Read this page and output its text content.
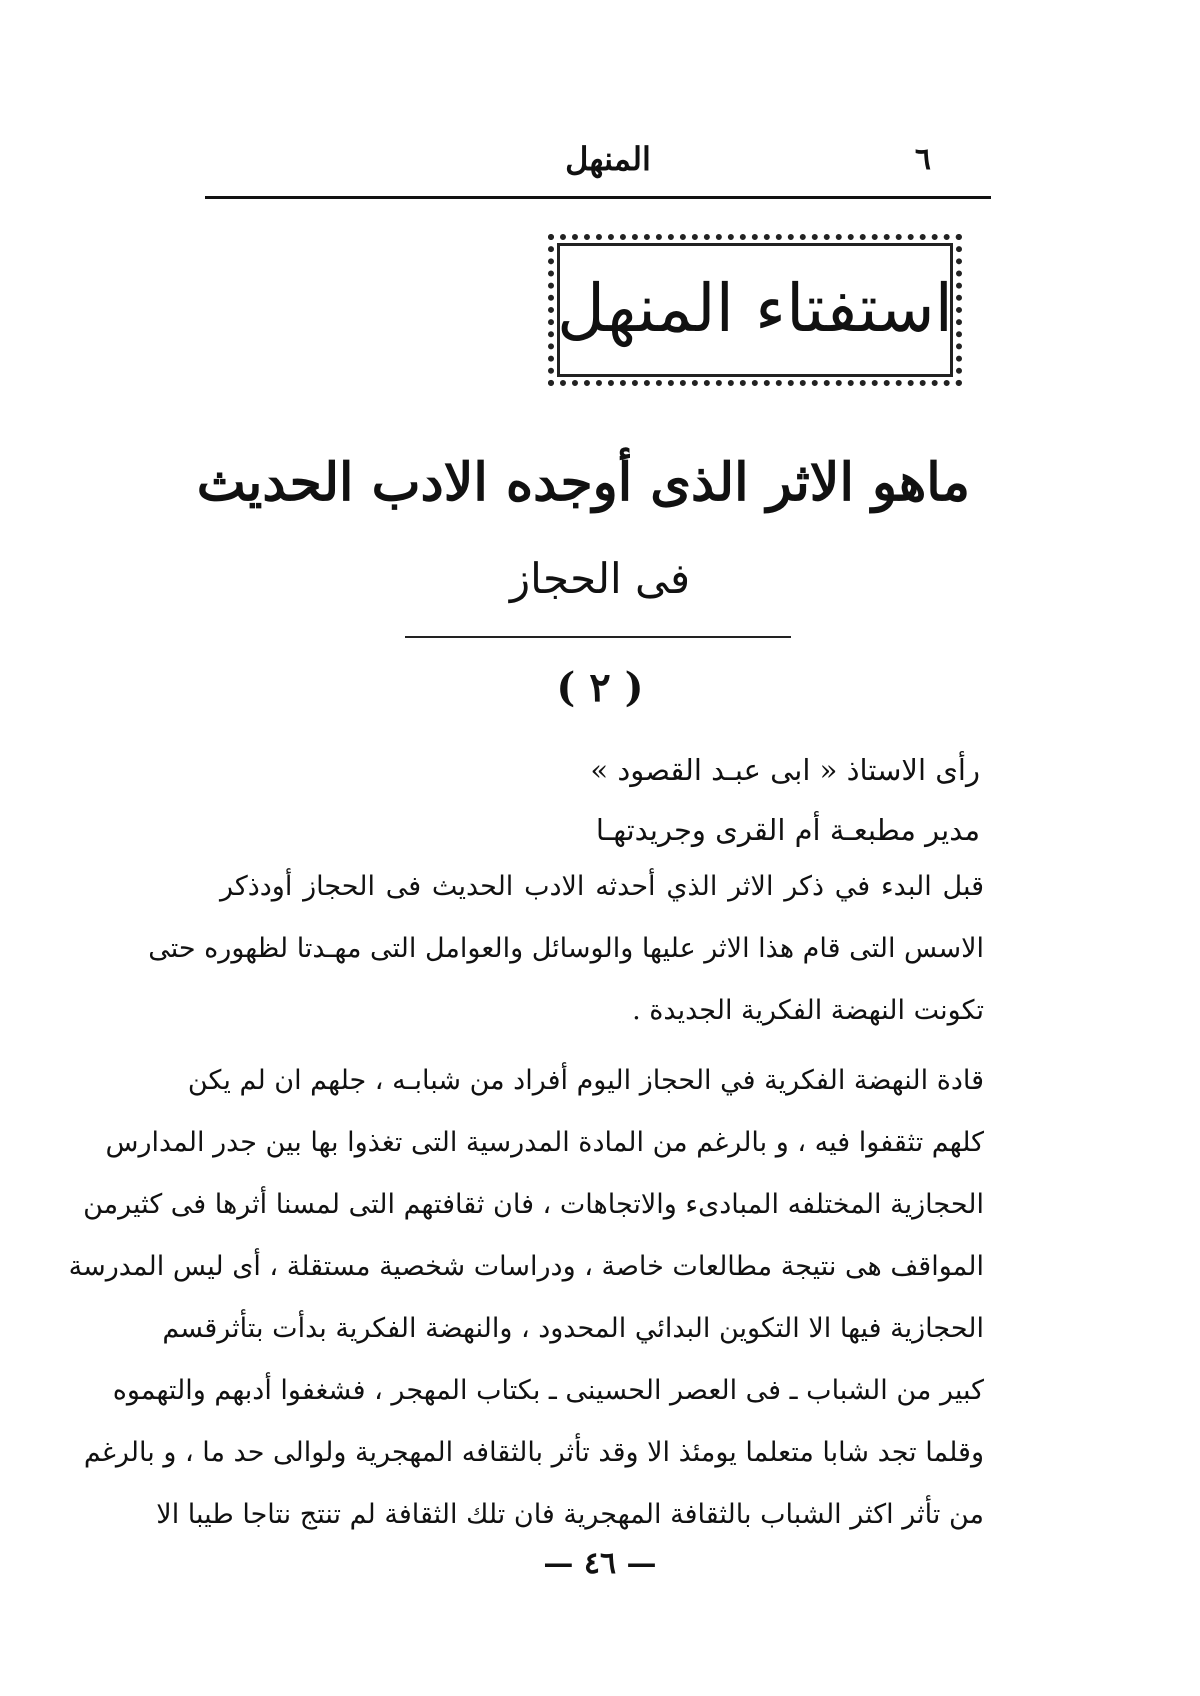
٦
المنهل
استفتاء المنهل
ماهو الاثر الذى أوجده الادب الحديث
فى الحجاز
( ٢ )
رأى الاستاذ « ابى عبـد القصود »
مدير مطبعـة أم القرى وجريدتهـا

قبل البدء في ذكر الاثر الذي أحدثه الادب الحديث فى الحجاز أودذكر
الاسس التى قام هذا الاثر عليها والوسائل والعوامل التى مهـدتا لظهوره حتى
تكونت النهضة الفكرية الجديدة .

قادة النهضة الفكرية في الحجاز اليوم أفراد من شبابـه ، جلهم ان لم يكن
كلهم تثقفوا فيه ، و بالرغم من المادة المدرسية التى تغذوا بها بين جدر المدارس
الحجازية المختلفه المبادىء والاتجاهات ، فان ثقافتهم التى لمسنا أثرها فى كثيرمن
المواقف هى نتيجة مطالعات خاصة ، ودراسات شخصية مستقلة ، أى ليس المدرسة
الحجازية فيها الا التكوين البدائي المحدود ، والنهضة الفكرية بدأت بتأثرقسم
كبير من الشباب ـ فى العصر الحسينى ـ بكتاب المهجر ، فشغفوا أدبهم والتهموه
وقلما تجد شابا متعلما يومئذ الا وقد تأثر بالثقافه المهجرية ولوالى حد ما ، و بالرغم
من تأثر اكثر الشباب بالثقافة المهجرية فان تلك الثقافة لم تنتج نتاجا طيبا الا

— ٤٦ —
